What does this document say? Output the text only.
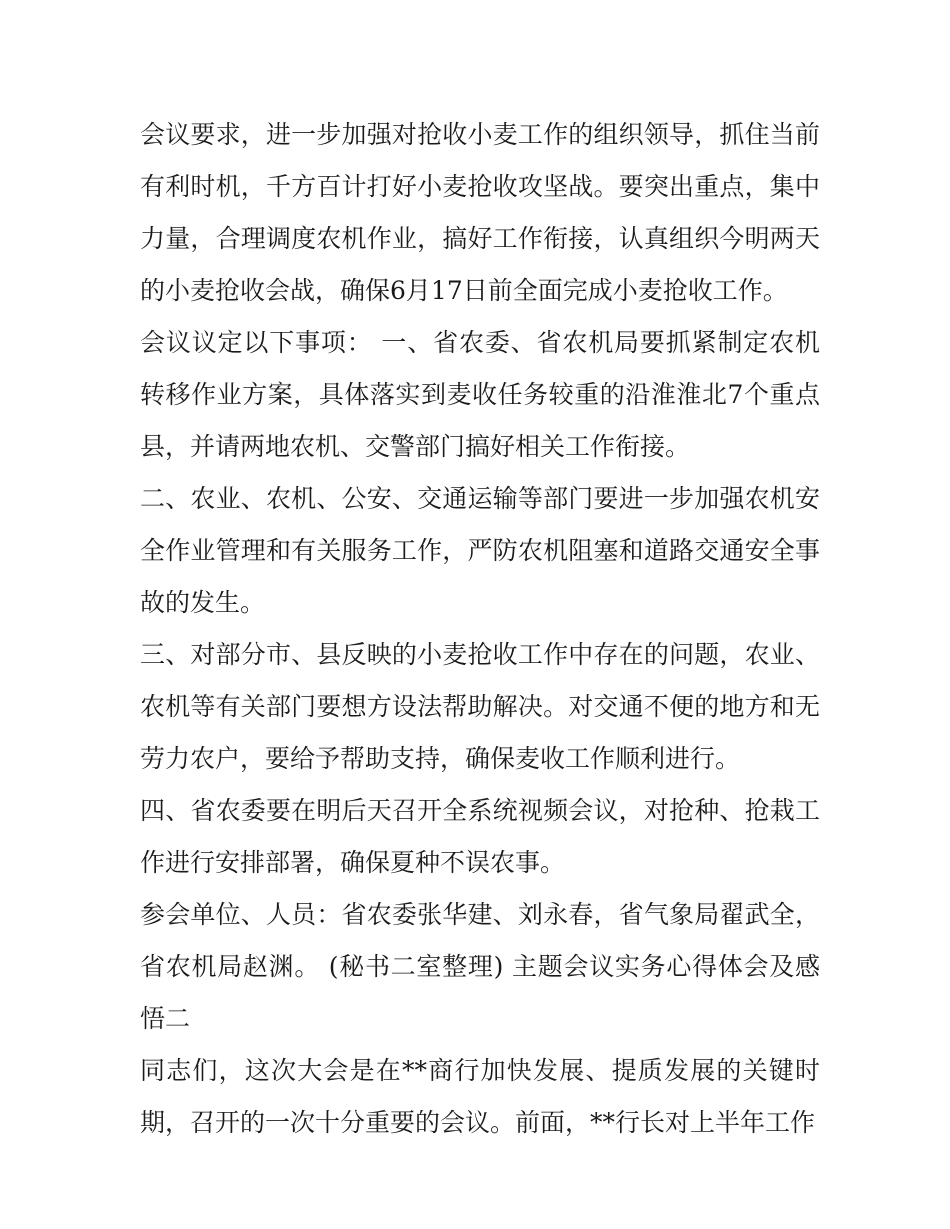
会议要求，进一步加强对抢收小麦工作的组织领导，抓住当前有利时机，千方百计打好小麦抢收攻坚战。要突出重点，集中力量，合理调度农机作业，搞好工作衔接，认真组织今明两天的小麦抢收会战，确保6月17日前全面完成小麦抢收工作。

会议议定以下事项： 一、省农委、省农机局要抓紧制定农机转移作业方案，具体落实到麦收任务较重的沿淮淮北7个重点县，并请两地农机、交警部门搞好相关工作衔接。

二、农业、农机、公安、交通运输等部门要进一步加强农机安全作业管理和有关服务工作，严防农机阻塞和道路交通安全事故的发生。

三、对部分市、县反映的小麦抢收工作中存在的问题，农业、农机等有关部门要想方设法帮助解决。对交通不便的地方和无劳力农户，要给予帮助支持，确保麦收工作顺利进行。

四、省农委要在明后天召开全系统视频会议，对抢种、抢栽工作进行安排部署，确保夏种不误农事。

参会单位、人员：省农委张华建、刘永春，省气象局翟武全，省农机局赵渊。 (秘书二室整理) 主题会议实务心得体会及感悟二

同志们，这次大会是在**商行加快发展、提质发展的关键时期，召开的一次十分重要的会议。前面，**行长对上半年工作
